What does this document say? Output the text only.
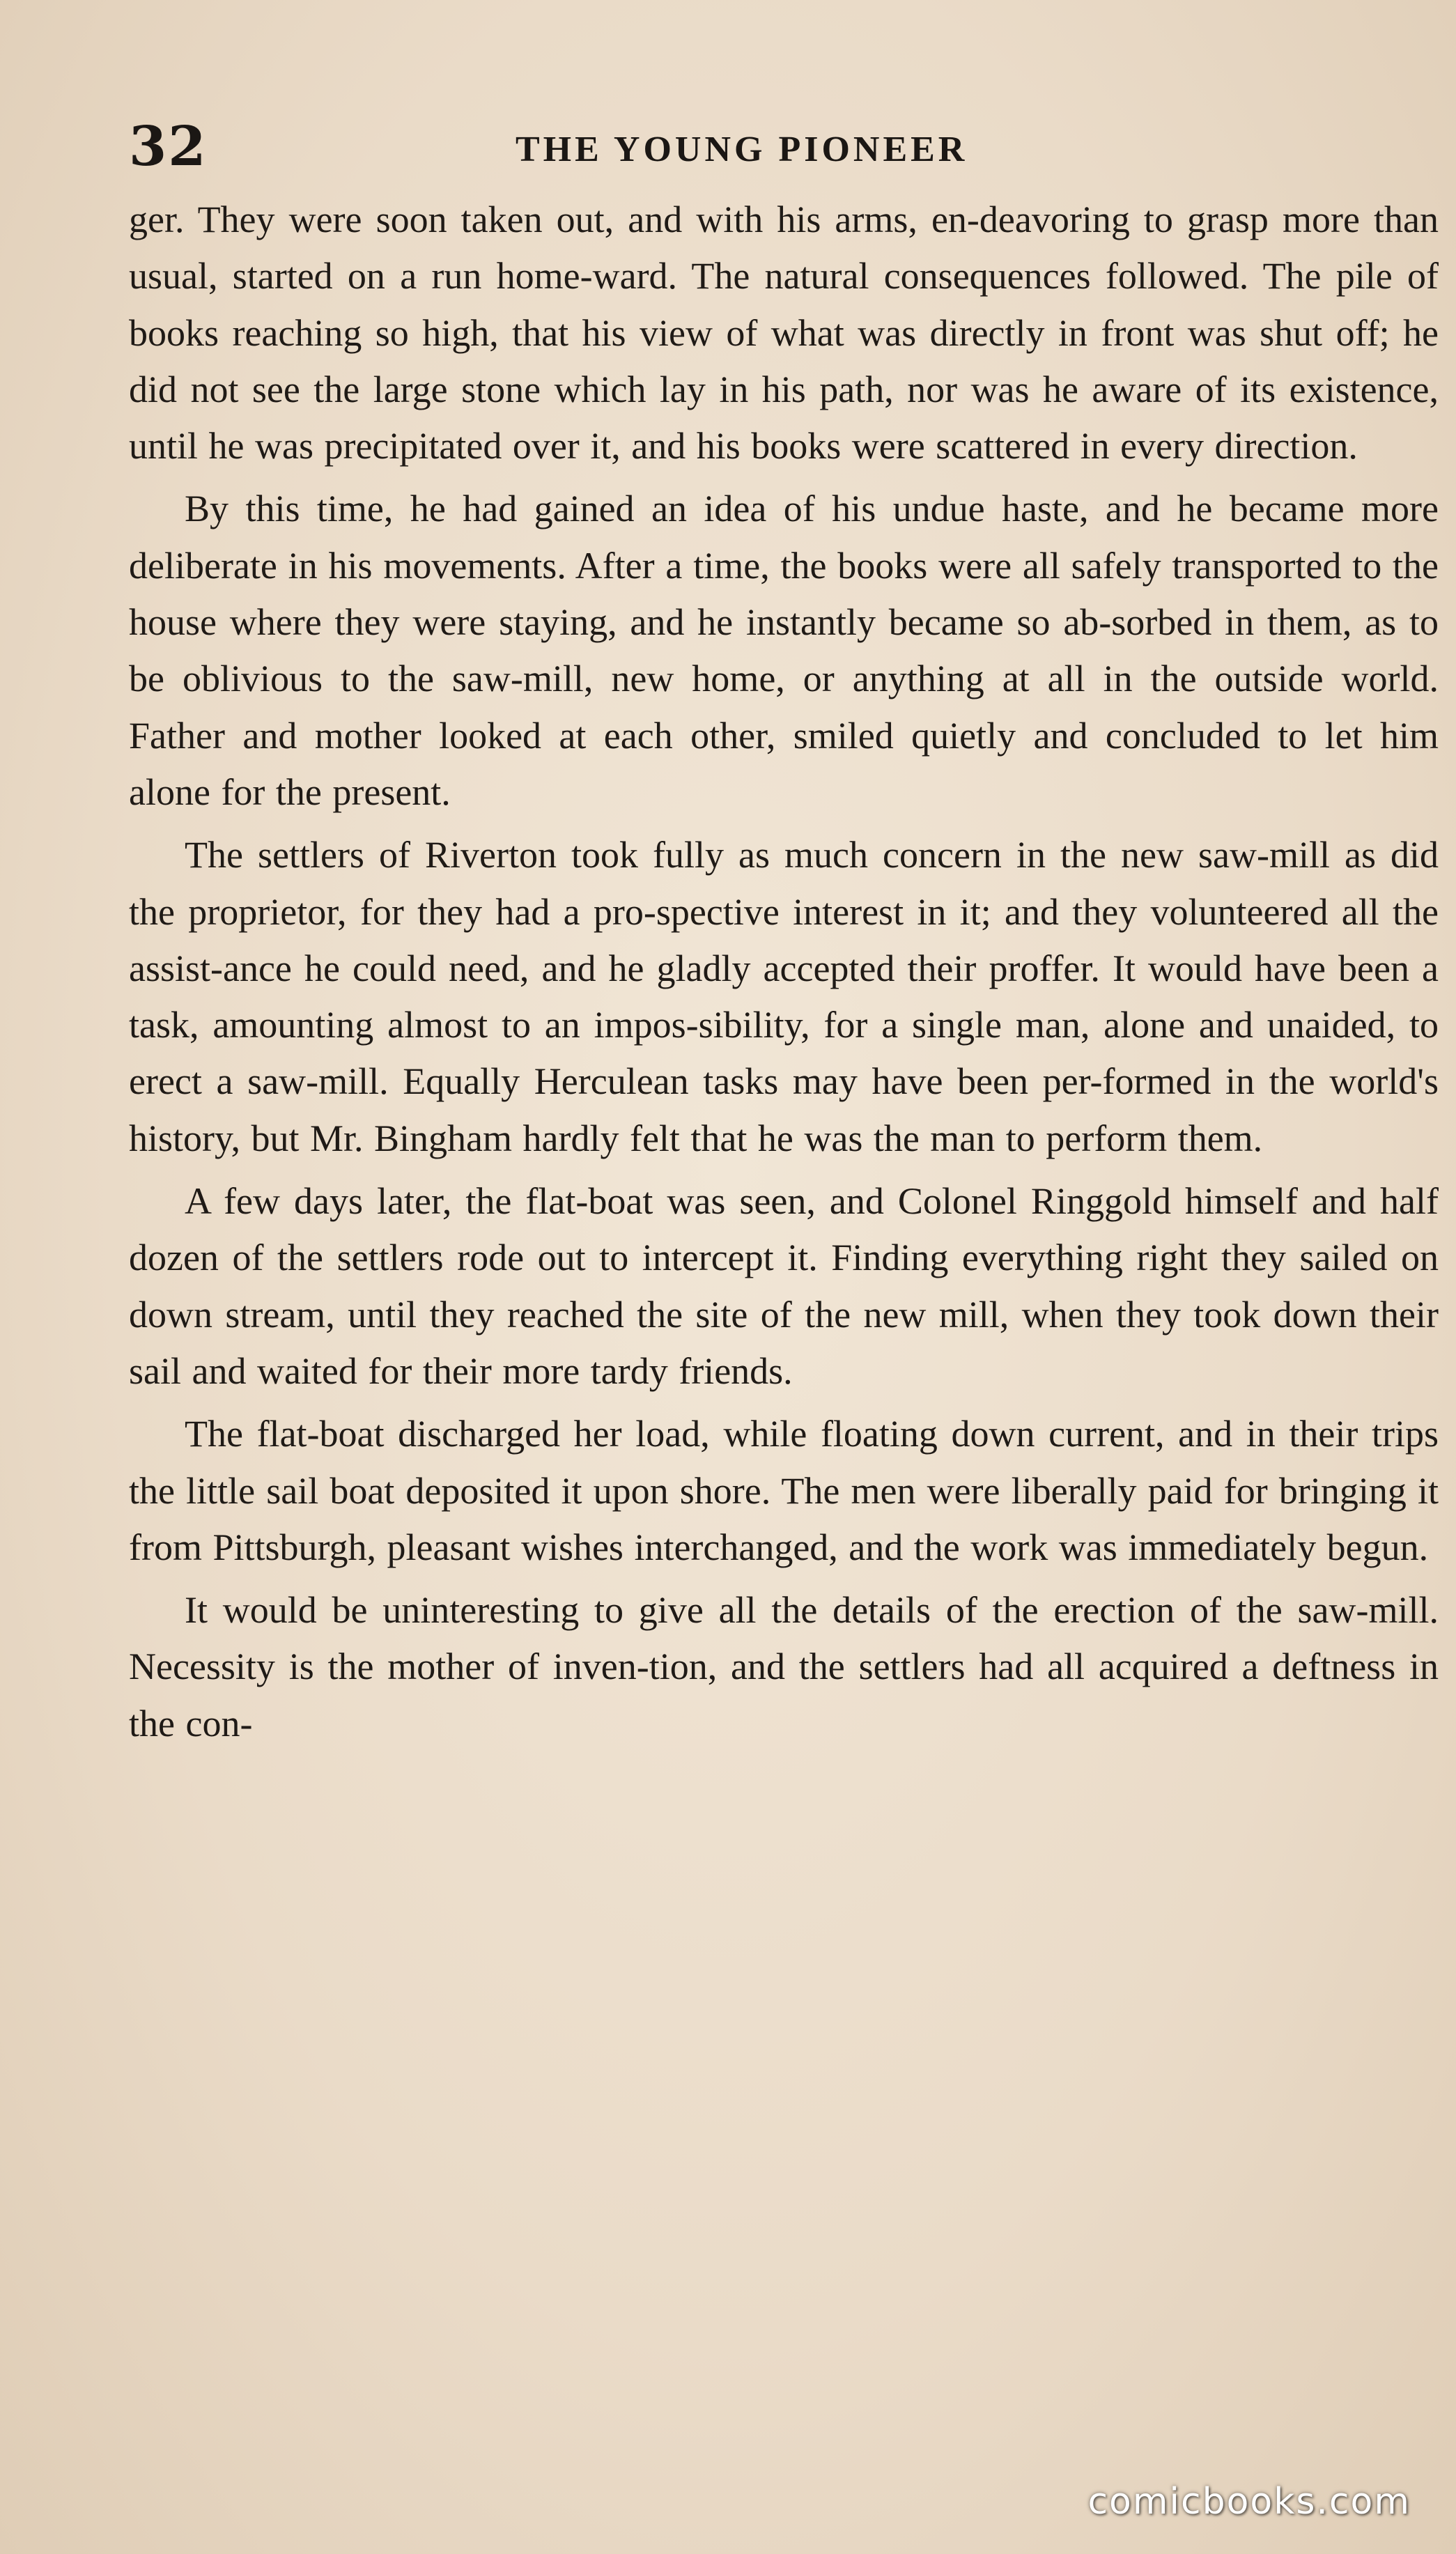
32	THE YOUNG PIONEER

ger. They were soon taken out, and with his arms, en-deavoring to grasp more than usual, started on a run home-ward. The natural consequences followed. The pile of books reaching so high, that his view of what was directly in front was shut off; he did not see the large stone which lay in his path, nor was he aware of its existence, until he was precipitated over it, and his books were scattered in every direction.

By this time, he had gained an idea of his undue haste, and he became more deliberate in his movements. After a time, the books were all safely transported to the house where they were staying, and he instantly became so ab-sorbed in them, as to be oblivious to the saw-mill, new home, or anything at all in the outside world. Father and mother looked at each other, smiled quietly and concluded to let him alone for the present.

The settlers of Riverton took fully as much concern in the new saw-mill as did the proprietor, for they had a pro-spective interest in it; and they volunteered all the assist-ance he could need, and he gladly accepted their proffer. It would have been a task, amounting almost to an impos-sibility, for a single man, alone and unaided, to erect a saw-mill. Equally Herculean tasks may have been per-formed in the world's history, but Mr. Bingham hardly felt that he was the man to perform them.

A few days later, the flat-boat was seen, and Colonel Ringgold himself and half dozen of the settlers rode out to intercept it. Finding everything right they sailed on down stream, until they reached the site of the new mill, when they took down their sail and waited for their more tardy friends.

The flat-boat discharged her load, while floating down current, and in their trips the little sail boat deposited it upon shore. The men were liberally paid for bringing it from Pittsburgh, pleasant wishes interchanged, and the work was immediately begun.

It would be uninteresting to give all the details of the erection of the saw-mill. Necessity is the mother of inven-tion, and the settlers had all acquired a deftness in the con-

comicbooks.com
